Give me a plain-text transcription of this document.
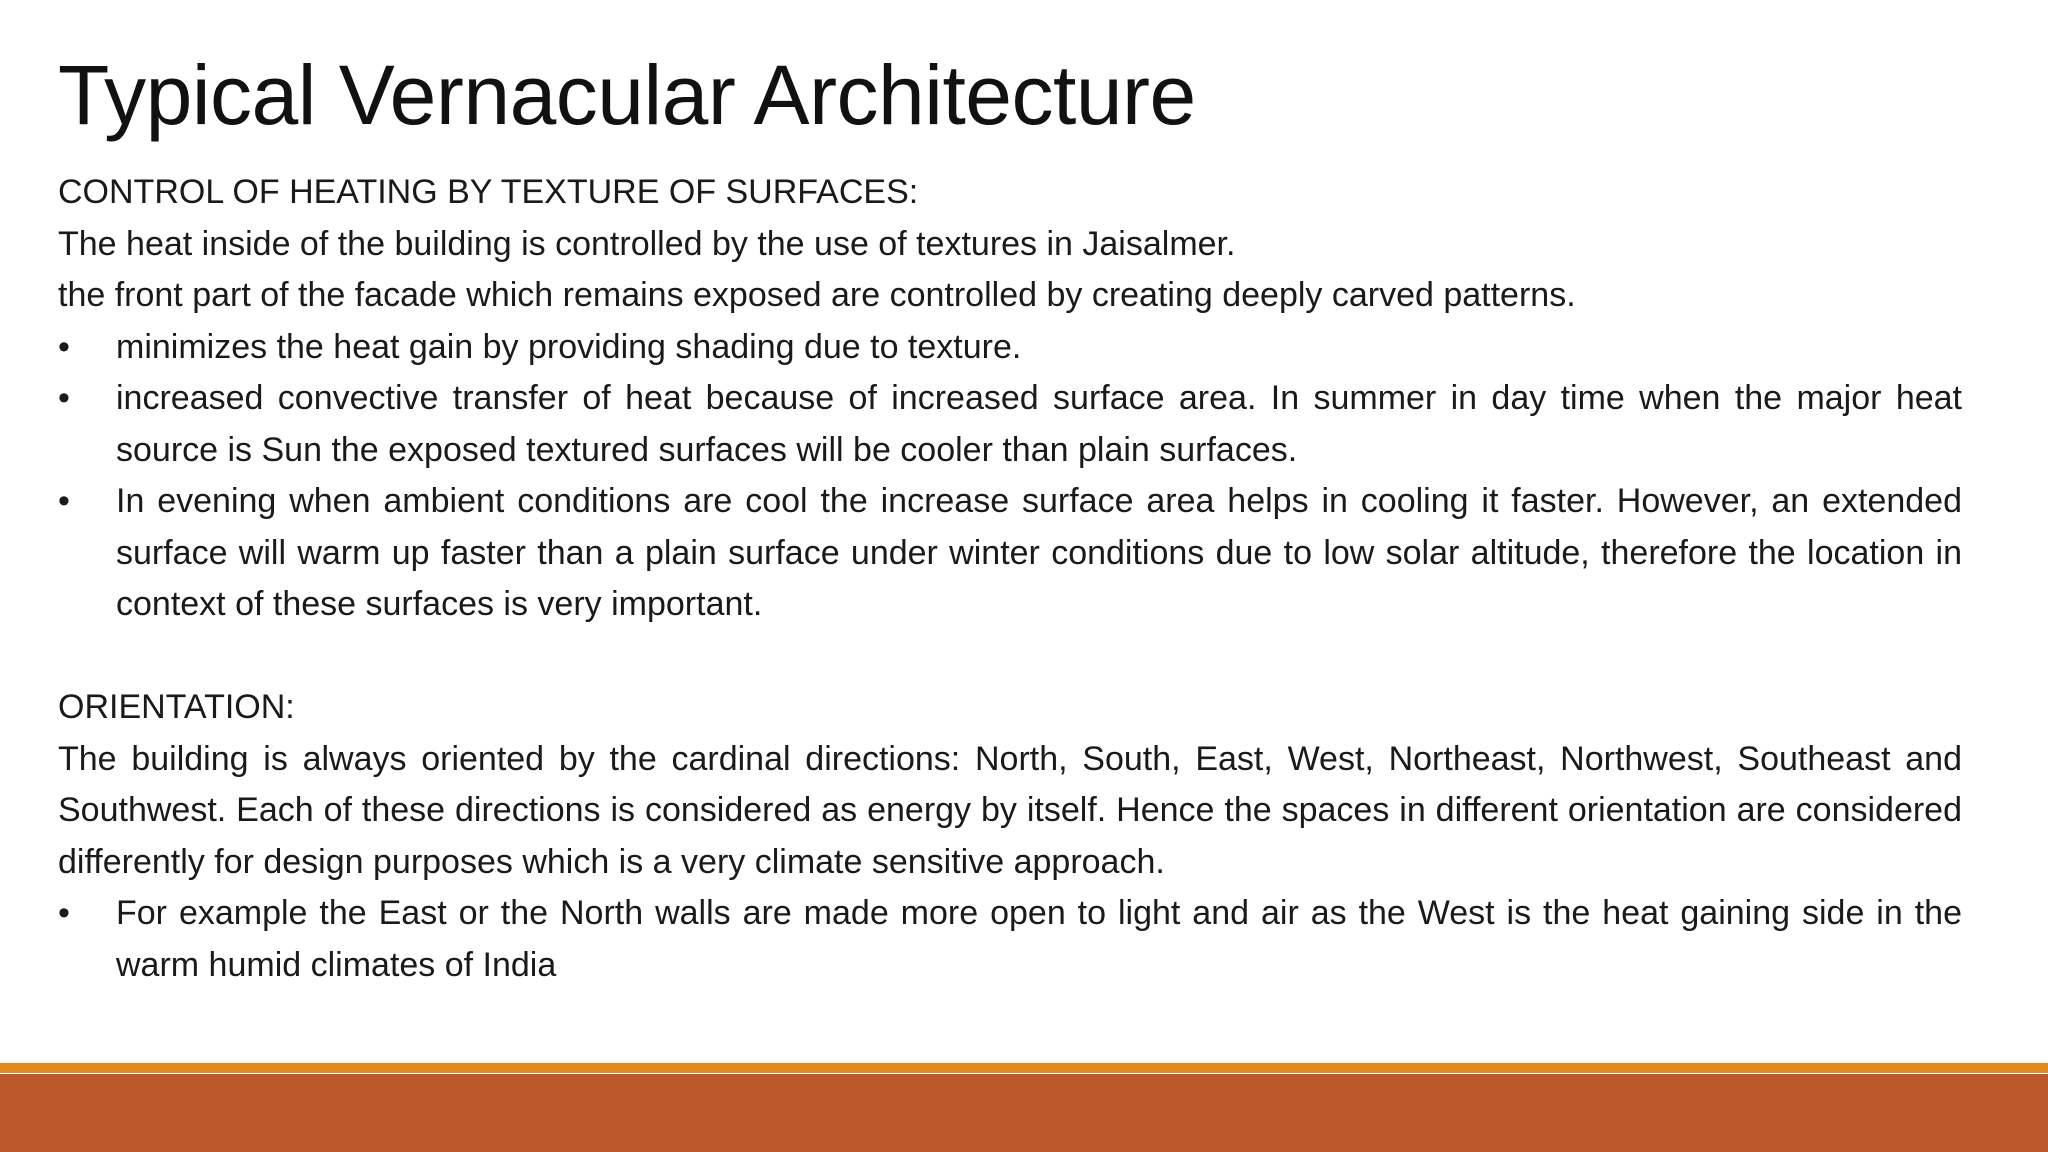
Typical Vernacular Architecture

CONTROL OF HEATING BY TEXTURE OF SURFACES:

The heat inside of the building is controlled by the use of textures in Jaisalmer.

the front part of the facade which remains exposed are controlled by creating deeply carved patterns.

•	minimizes the heat gain by providing shading due to texture.
•	increased convective transfer of heat because of increased surface area. In summer in day time when the major heat source is Sun the exposed textured surfaces will be cooler than plain surfaces.
•	In evening when ambient conditions are cool the increase surface area helps in cooling it faster. However, an extended surface will warm up faster than a plain surface under winter conditions due to low solar altitude, therefore the location in context of these surfaces is very important.

ORIENTATION:

The building is always oriented by the cardinal directions: North, South, East, West, Northeast, Northwest, Southeast and Southwest. Each of these directions is considered as energy by itself. Hence the spaces in different orientation are considered differently for design purposes which is a very climate sensitive approach.

•	For example the East or the North walls are made more open to light and air as the West is the heat gaining side in the warm humid climates of India
